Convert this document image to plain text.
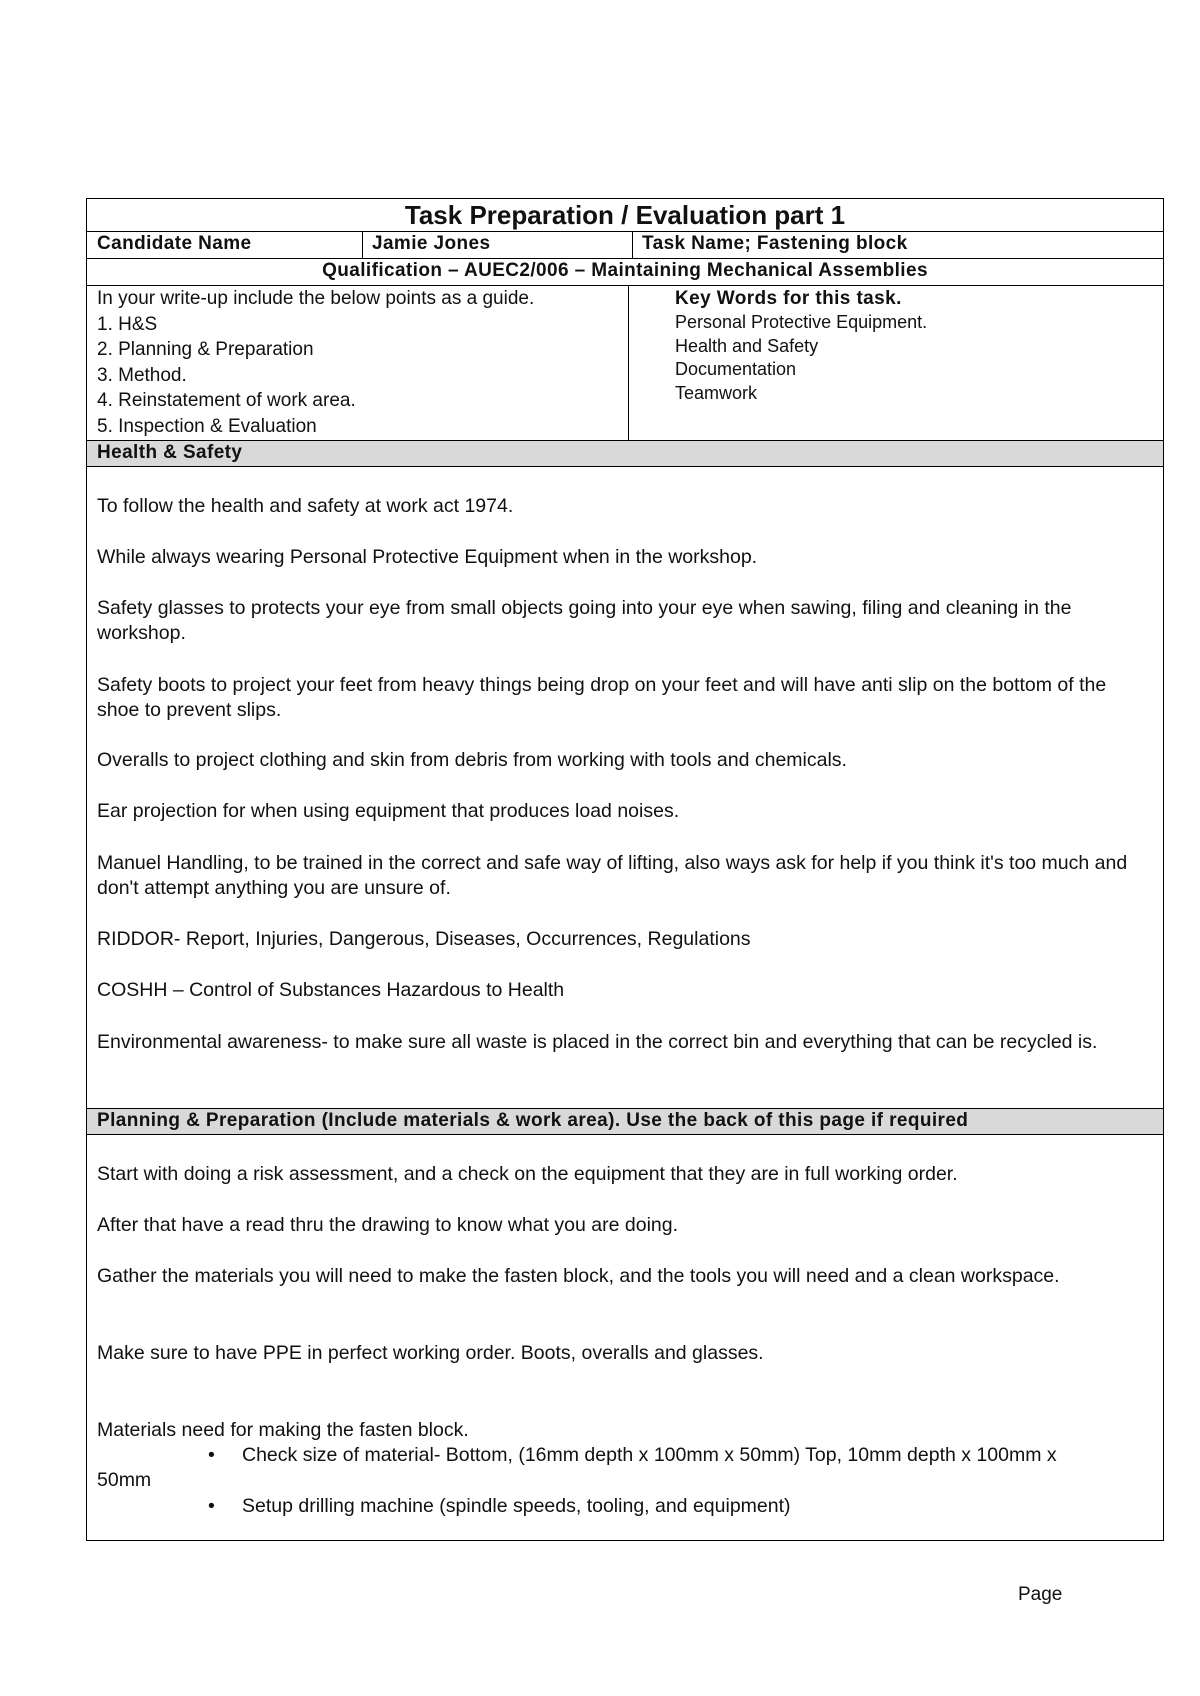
Task Preparation / Evaluation part 1
Candidate Name	Jamie Jones	Task Name; Fastening block
Qualification – AUEC2/006 – Maintaining Mechanical Assemblies
In your write-up include the below points as a guide.
1. H&S
2. Planning & Preparation
3. Method.
4. Reinstatement of work area.
5. Inspection & Evaluation
Key Words for this task.
Personal Protective Equipment.
Health and Safety
Documentation
Teamwork
Health & Safety
To follow the health and safety at work act 1974.
While always wearing Personal Protective Equipment when in the workshop.
Safety glasses to protects your eye from small objects going into your eye when sawing, filing and cleaning in the workshop.
Safety boots to project your feet from heavy things being drop on your feet and will have anti slip on the bottom of the shoe to prevent slips.
Overalls to project clothing and skin from debris from working with tools and chemicals.
Ear projection for when using equipment that produces load noises.
Manuel Handling, to be trained in the correct and safe way of lifting, also ways ask for help if you think it's too much and don't attempt anything you are unsure of.
RIDDOR- Report, Injuries, Dangerous, Diseases, Occurrences, Regulations
COSHH – Control of Substances Hazardous to Health
Environmental awareness- to make sure all waste is placed in the correct bin and everything that can be recycled is.
Planning & Preparation (Include materials & work area). Use the back of this page if required
Start with doing a risk assessment, and a check on the equipment that they are in full working order.
After that have a read thru the drawing to know what you are doing.
Gather the materials you will need to make the fasten block, and the tools you will need and a clean workspace.
Make sure to have PPE in perfect working order. Boots, overalls and glasses.
Materials need for making the fasten block.
•	Check size of material- Bottom, (16mm depth x 100mm x 50mm) Top, 10mm depth x 100mm x 50mm
• Setup drilling machine (spindle speeds, tooling, and equipment)
Page
